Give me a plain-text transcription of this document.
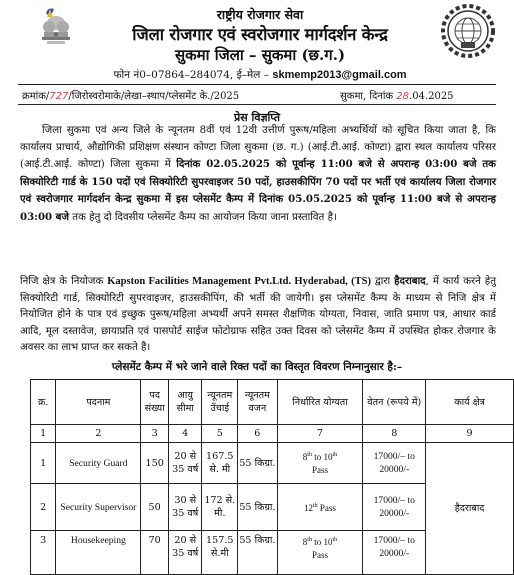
राष्ट्रीय रोजगार सेवा
जिला रोजगार एवं स्वरोजगार मार्गदर्शन केन्द्र
सुकमा जिला – सुकमा (छ.ग.)
फोन नं0–07864–284074, ई–मेल – skmemp2013@gmail.com
क्रमांक/727/जिरोस्वरोमाके/लेखा–स्थाप/प्लेसमेंट के./2025	सुकमा, दिनांक 28.04.2025
प्रेस विज्ञप्ति
जिला सुकमा एवं अन्य जिले के न्यूनतम 8वीं एवं 12वी उत्तीर्ण पुरूष/महिला अभ्यर्थियों को सूचित किया जाता है, कि कार्यालय प्राचार्य, औद्योगिकी प्रशिक्षण संस्थान कोण्टा जिला सुकमा (छ. ग.) (आई.टी.आई. कोण्टा) द्वारा स्थल कार्यालय परिसर (आई.टी.आई. कोण्टा) जिला सुकमा में दिनांक 02.05.2025 को पूर्वान्ह 11:00 बजे से अपरान्ह 03:00 बजे तक सिक्योरिटी गार्ड के 150 पदों एवं सिक्योरिटी सुपरवाइजर 50 पदों, हाउसकीपिंग 70 पदों पर भर्ती एवं कार्यालय जिला रोजगार एवं स्वरोजगार मार्गदर्शन केन्द्र सुकमा में इस प्लेसमेंट कैम्प में दिनांक 05.05.2025 को पूर्वान्ह 11:00 बजे से अपरान्ह 03:00 बजे तक हेतु दो दिवसीय प्लेसमेंट कैम्प का आयोजन किया जाना प्रस्तावित है।
निजि क्षेत्र के नियोजक Kapston Facilities Management Pvt.Ltd. Hyderabad, (TS) द्वारा हैदराबाद, में कार्य करने हेतु सिक्योरिटी गार्ड, सिक्योरिटी सुपरवाइजर, हाउसकीपिंग, की भर्ती की जायेगी। इस प्लेसमेंट कैम्प के माध्यम से निजि क्षेत्र में नियोजित होने के पात्र एवं इच्छुक पुरूष/महिला अभ्यर्थी अपने समस्त शैक्षणिक योग्यता, निवास, जाति प्रमाण पत्र, आधार कार्ड आदि, मूल दस्तावेज, छायाप्रति एवं पासपोर्ट साईज फोटोग्राफ सहित उक्त दिवस को प्लेसमेंट कैम्प में उपस्थित होकर रोजगार के अवसर का लाभ प्राप्त कर सकते है।
प्लेसमेंट कैम्प में भरे जाने वाले रिक्त पदों का विस्तृत विवरण निम्नानुसार है:–
क्र.	पदनाम	पद संख्या	आयु सीमा	न्यूनतम उँचाई	न्यूनतम वजन	निर्धारित योग्यता	वेतन (रूपये में)	कार्य क्षेत्र
1	2	3	4	5	6	7	8	9
1	Security Guard	150	20 से 35 वर्ष	167.5 से. मी	55 किग्रा.	8th to 10th
Pass	17000/– to 20000/-	हैदराबाद
2	Security Supervisor	50	30 से 35 वर्ष	172 से. मी.	55 किग्रा.	12th Pass	17000/– to 20000/-	
3	Housekeeping	70	20 से 35 वर्ष	157.5 से.मी	55 किग्रा.	8th to 10th
Pass	17000/– to 20000/-	
